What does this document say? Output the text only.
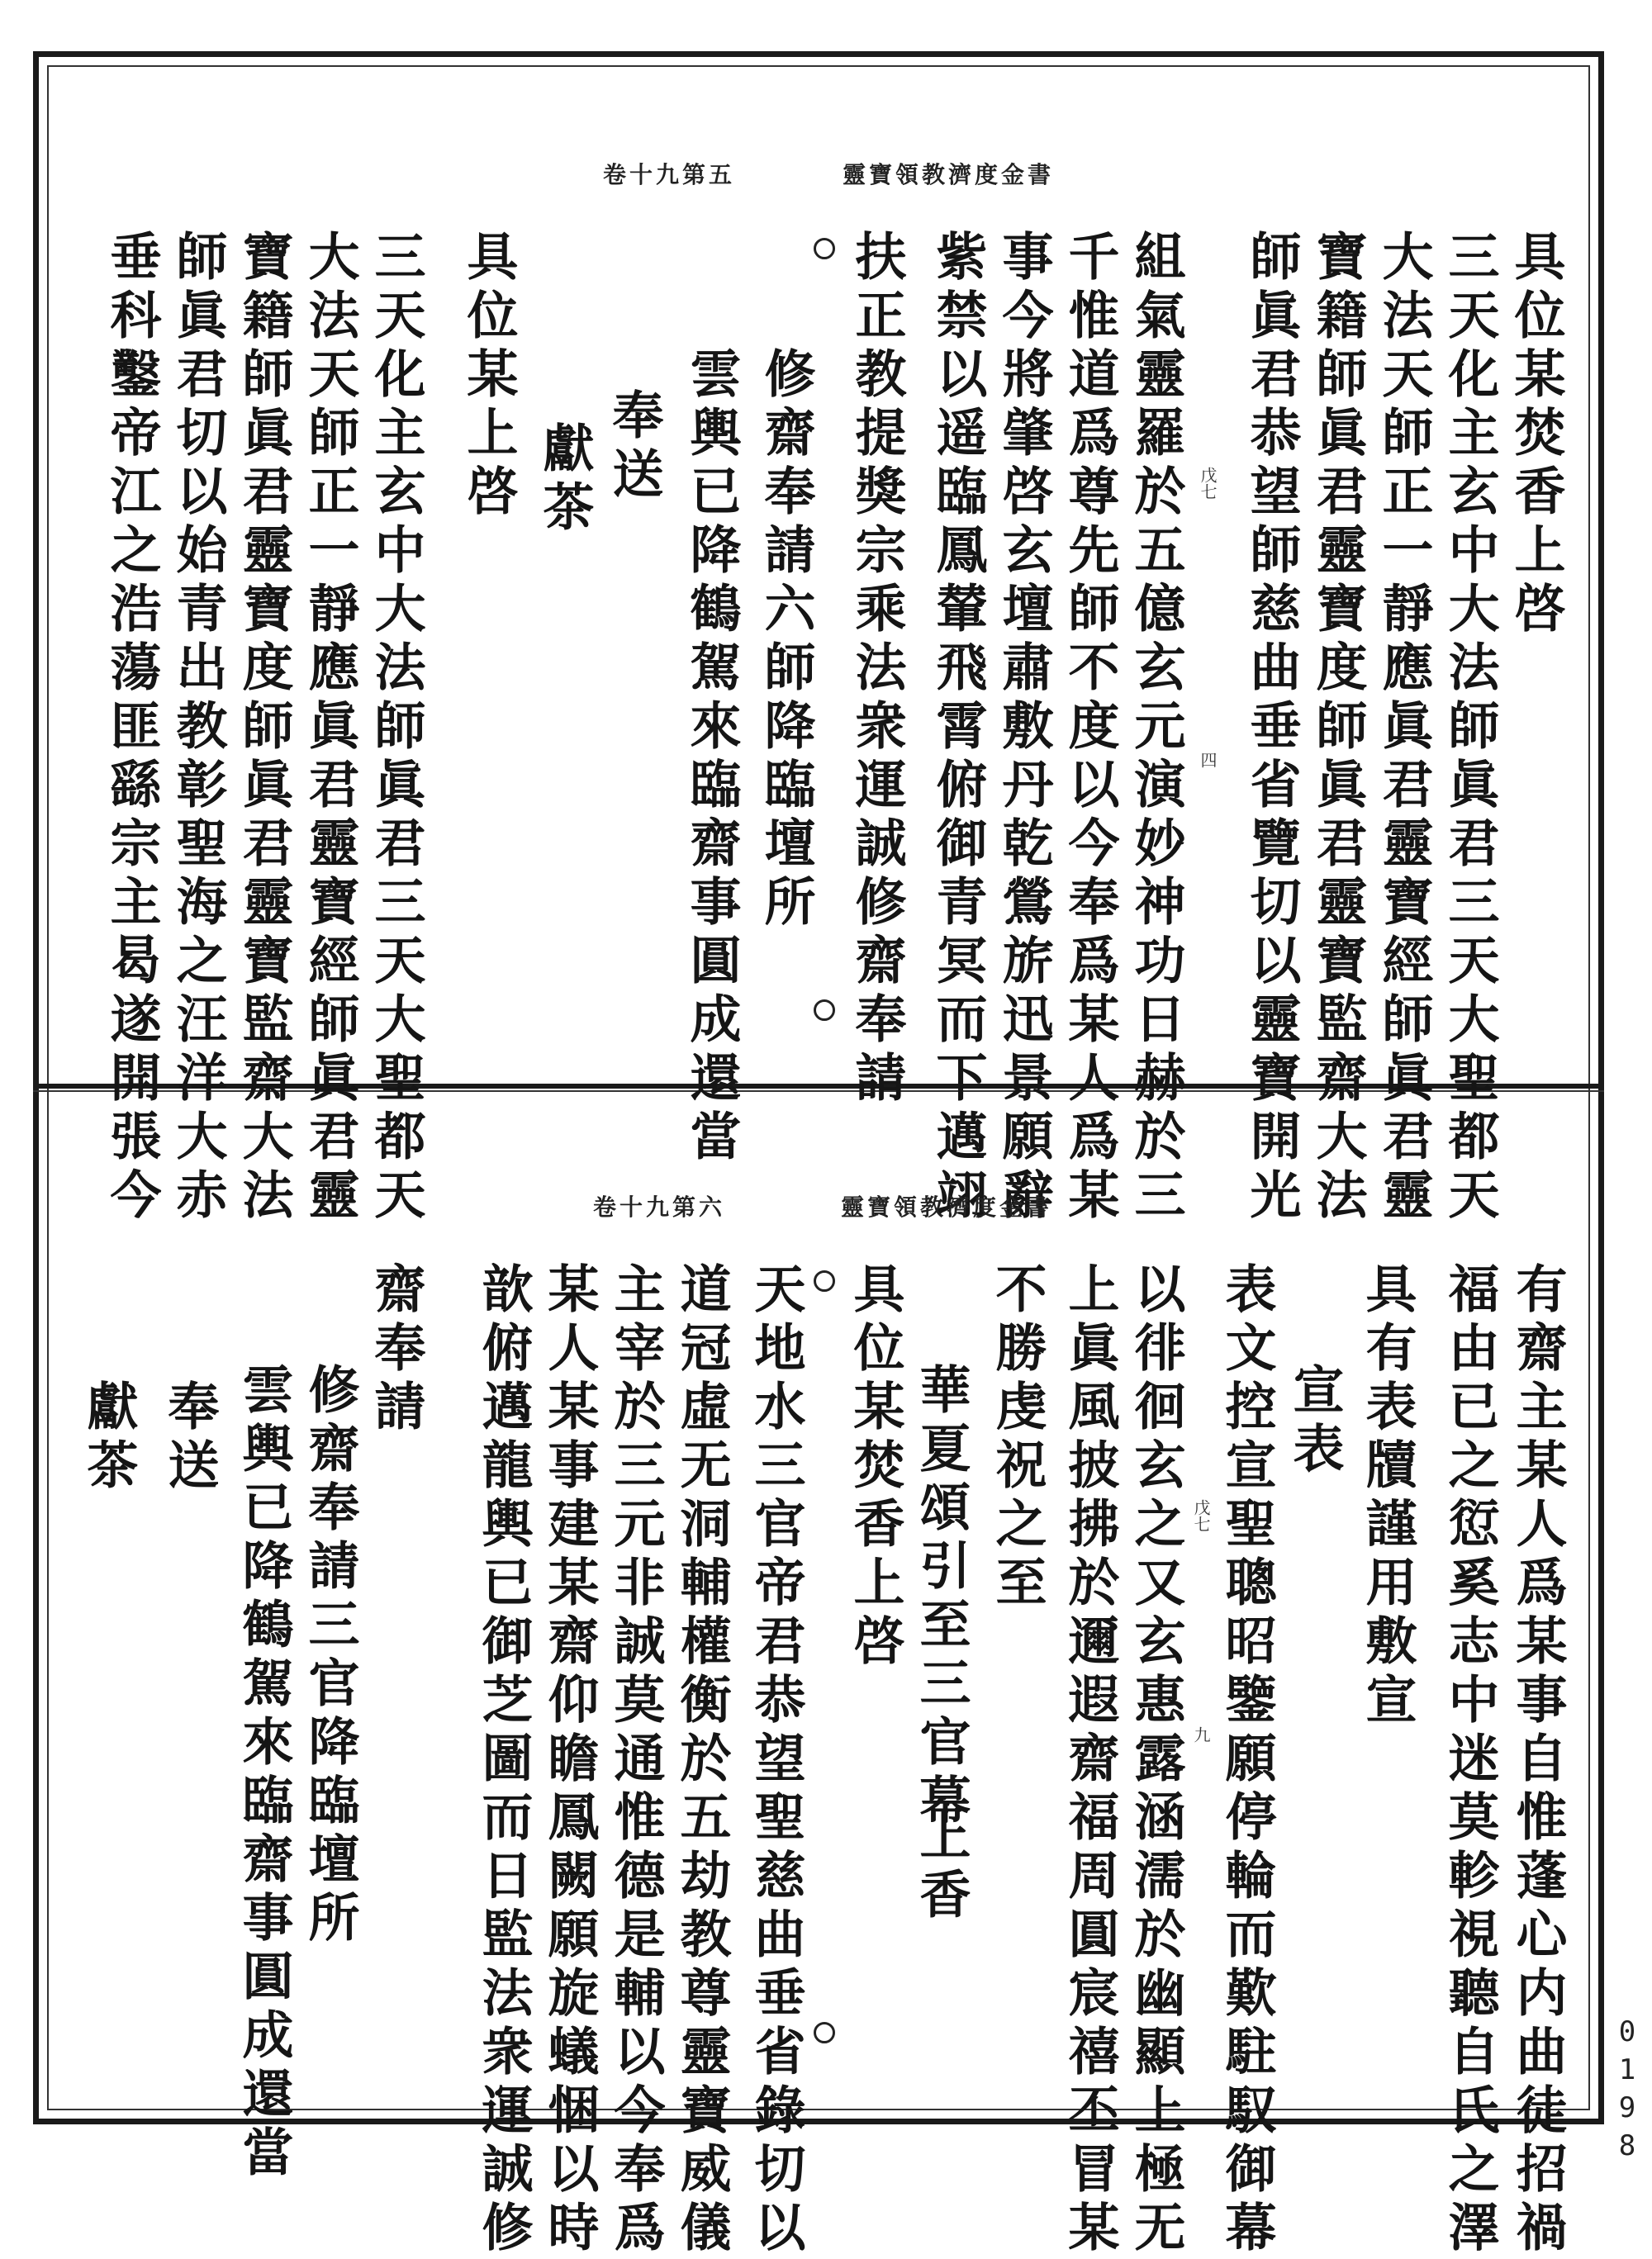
卷十九第五	靈寶領教濟度金書
具位某焚香上啓
三天化主玄中大法師眞君三天大聖都天
大法天師正一靜應眞君靈寶經師眞君靈
寶籍師眞君靈寶度師眞君靈寶監齋大法
師眞君恭望師慈曲垂省覽切以靈寶開光
組氣靈羅於五億玄元演妙神功日赫於三
千惟道爲尊先師不度以今奉爲某人爲某
事今將肇啓玄壇肅敷丹乾鶯旂迅景願辭
紫禁以遥臨鳳輦飛霄俯御青冥而下邁翊
扶正教提獎宗乘法衆運誠修齋奉請
修齋奉請六師降臨壇所
雲輿已降鶴駕來臨齋事圓成還當
奉送
獻茶
具位某上啓
三天化主玄中大法師眞君三天大聖都天
大法天師正一靜應眞君靈寶經師眞君靈
寶籍師眞君靈寶度師眞君靈寶監齋大法
師眞君切以始青出教彰聖海之汪洋大赤
垂科鑿帝江之浩蕩匪繇宗主曷遂開張今	戊七
四
卷十九第六	靈寶領教濟度金書
有齋主某人爲某事自惟蓬心内曲徒招禍
福由已之愆奚志中迷莫軫視聽自氏之澤
具有表牘謹用敷宣
宣表
表文控宣聖聰昭鑒願停輪而歎駐馭御幕
以徘徊玄之又玄惠露涵濡於幽顯上極无
上眞風披拂於邇遐齋福周圓宸禧丕冒某
不勝虔祝之至
華夏頌引至三官幕
上香
具位某焚香上啓
天地水三官帝君恭望聖慈曲垂省錄切以
道冠虛无洞輔權衡於五劫教尊靈寶威儀
主宰於三元非誠莫通惟德是輔以今奉爲
某人某事建某齋仰瞻鳳闕願旋蟻悃以時
歆俯邁龍輿已御芝圖而日監法衆運誠修
齋奉請
修齋奉請三官降臨壇所
雲輿已降鶴駕來臨齋事圓成還當
奉送
獻茶
戊七
九
0198
